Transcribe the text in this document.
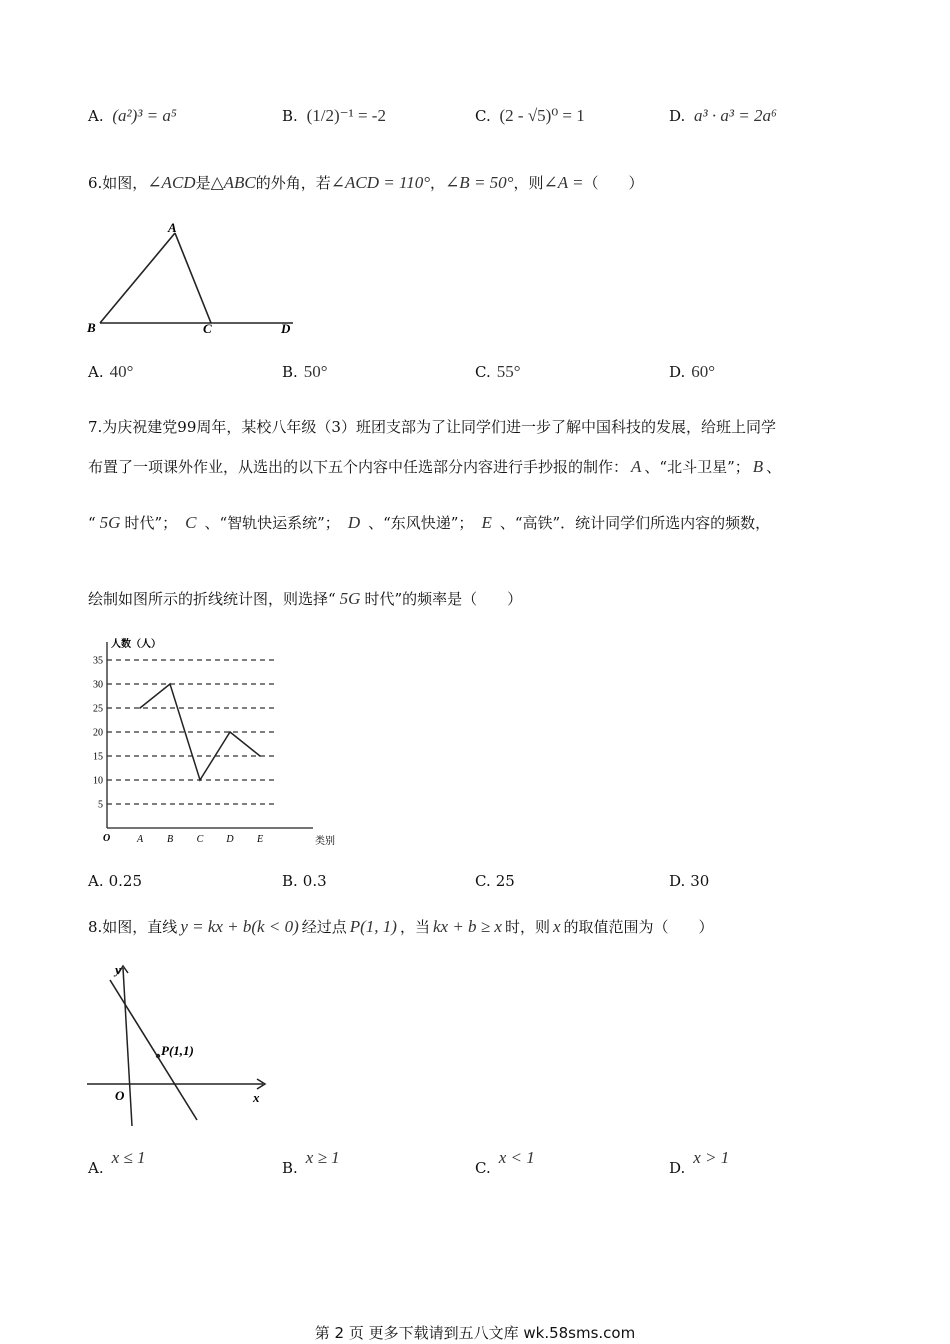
A. (a²)³ = a⁵	B. (1/2)⁻¹ = -2	C. (2 - √5)⁰ = 1	D. a³ · a³ = 2a⁶
6.如图，∠ACD是△ABC的外角，若∠ACD = 110°，∠B = 50°，则∠A =（　　）
A
B	C	D
A. 40°	B. 50°	C. 55°	D. 60°
7.为庆祝建党99周年，某校八年级（3）班团支部为了让同学们进一步了解中国科技的发展，给班上同学
布置了一项课外作业，从选出的以下五个内容中任选部分内容进行手抄报的制作： A 、“北斗卫星”； B 、
“ 5G 时代”； C 、“智轨快运系统”； D 、“东风快递”； E 、“高铁”．统计同学们所选内容的频数，
绘制如图所示的折线统计图，则选择“ 5G 时代”的频率是（　　）
人数（人）
类别
O
5
10
15
20
25
30
35
A B C D E
A. 0.25	B. 0.3	C. 25	D. 30
8.如图，直线 y = kx + b(k < 0) 经过点 P(1, 1) ，当 kx + b ≥ x 时，则 x 的取值范围为（　　）
y
x
O
P(1,1)
A.x ≤ 1
B.x ≥ 1
C.x < 1
D.x > 1
第 2 页 更多下载请到五八文库 wk.58sms.com
